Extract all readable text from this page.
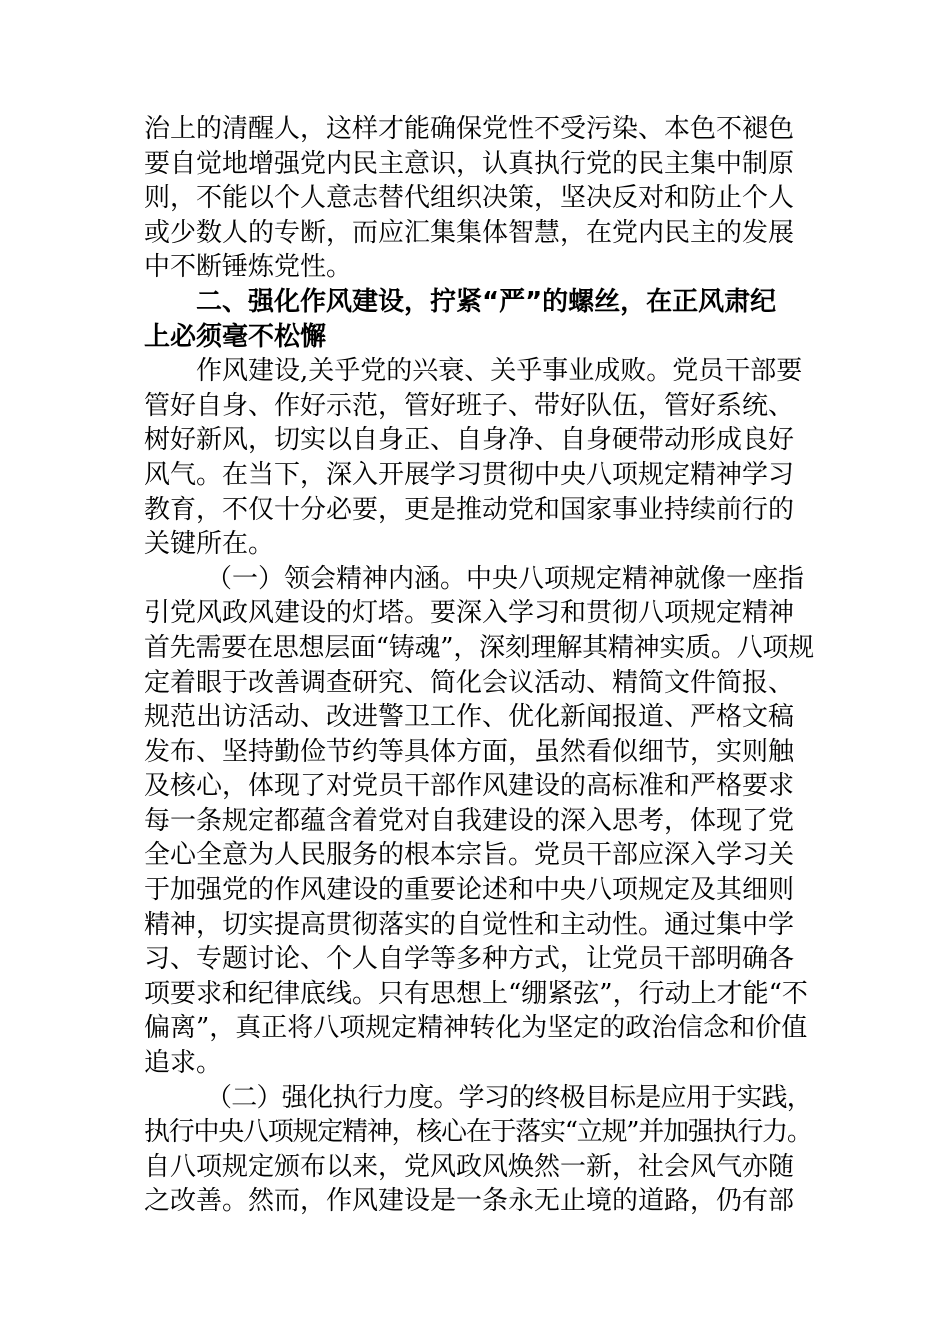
治上的清醒人，这样才能确保党性不受污染、本色不褪色
要自觉地增强党内民主意识，认真执行党的民主集中制原
则，不能以个人意志替代组织决策，坚决反对和防止个人
或少数人的专断，而应汇集集体智慧，在党内民主的发展
中不断锤炼党性。
二、强化作风建设，拧紧“严”的螺丝，在正风肃纪
上必须毫不松懈
作风建设,关乎党的兴衰、关乎事业成败。党员干部要
管好自身、作好示范，管好班子、带好队伍，管好系统、
树好新风，切实以自身正、自身净、自身硬带动形成良好
风气。在当下，深入开展学习贯彻中央八项规定精神学习
教育，不仅十分必要，更是推动党和国家事业持续前行的
关键所在。
（一）领会精神内涵。中央八项规定精神就像一座指
引党风政风建设的灯塔。要深入学习和贯彻八项规定精神
首先需要在思想层面“铸魂”，深刻理解其精神实质。八项规
定着眼于改善调查研究、简化会议活动、精简文件简报、
规范出访活动、改进警卫工作、优化新闻报道、严格文稿
发布、坚持勤俭节约等具体方面，虽然看似细节，实则触
及核心，体现了对党员干部作风建设的高标准和严格要求
每一条规定都蕴含着党对自我建设的深入思考，体现了党
全心全意为人民服务的根本宗旨。党员干部应深入学习关
于加强党的作风建设的重要论述和中央八项规定及其细则
精神，切实提高贯彻落实的自觉性和主动性。通过集中学
习、专题讨论、个人自学等多种方式，让党员干部明确各
项要求和纪律底线。只有思想上“绷紧弦”，行动上才能“不
偏离”，真正将八项规定精神转化为坚定的政治信念和价值
追求。
（二）强化执行力度。学习的终极目标是应用于实践，
执行中央八项规定精神，核心在于落实“立规”并加强执行力。
自八项规定颁布以来，党风政风焕然一新，社会风气亦随
之改善。然而，作风建设是一条永无止境的道路，仍有部
